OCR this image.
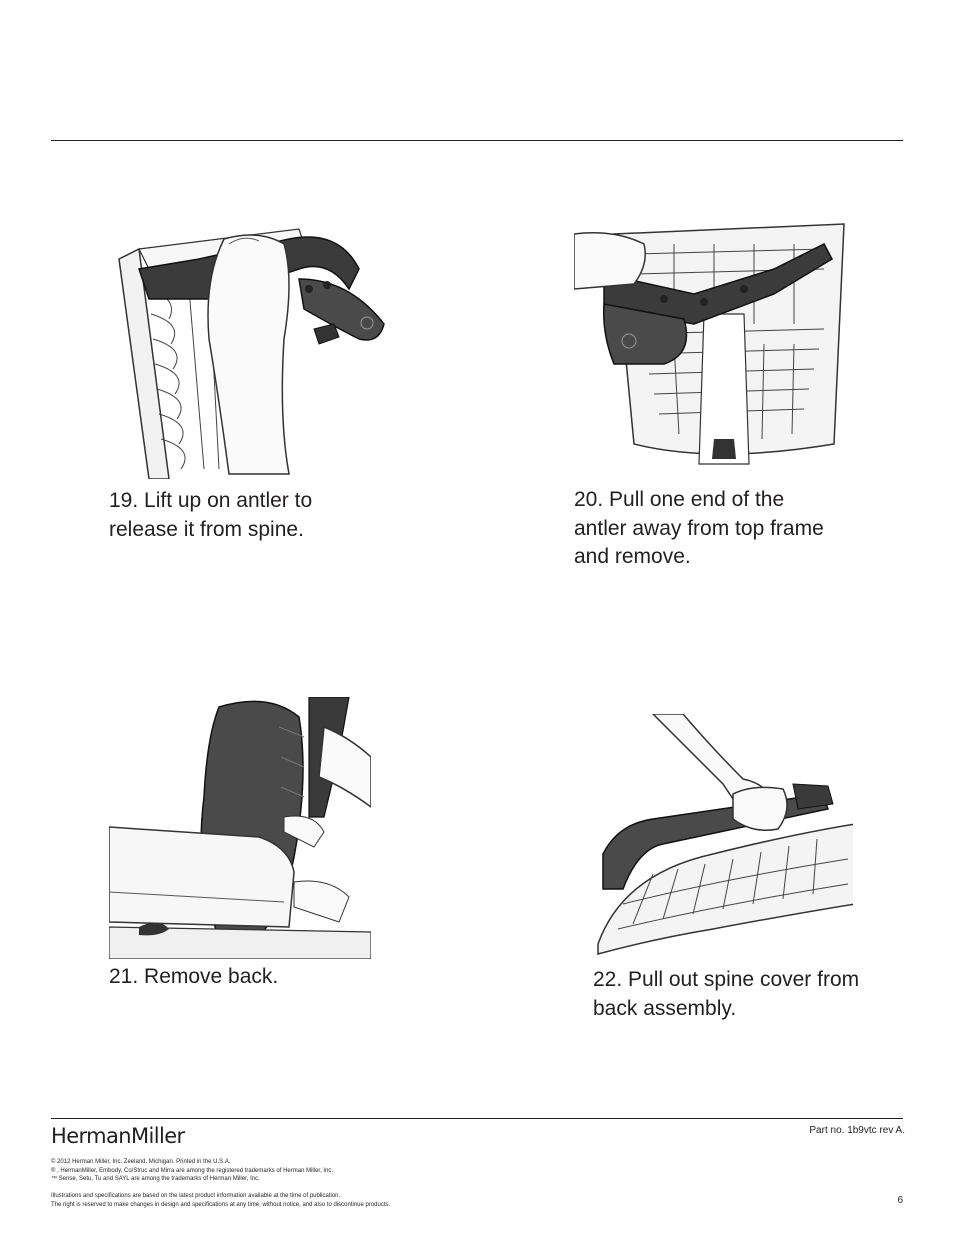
19. Lift up on antler to
release it from spine.

20. Pull one end of the
antler away from top frame
and remove.

21. Remove back.	22. Pull out spine cover from
back assembly.

HermanMiller	Part no. 1b9vtc rev A.
© 2012 Herman Miller, Inc. Zeeland, Michigan. Printed in the U.S.A.
® , HermanMiller, Embody, Co/Struc and Mirra are among the registered trademarks of Herman Miller, Inc.
™ Sense, Setu, Tu and SAYL are among the trademarks of Herman Miller, Inc.
Illustrations and specifications are based on the latest product information available at the time of publication.
The right is reserved to make changes in design and specifications at any time, without notice, and also to discontinue products.	6
